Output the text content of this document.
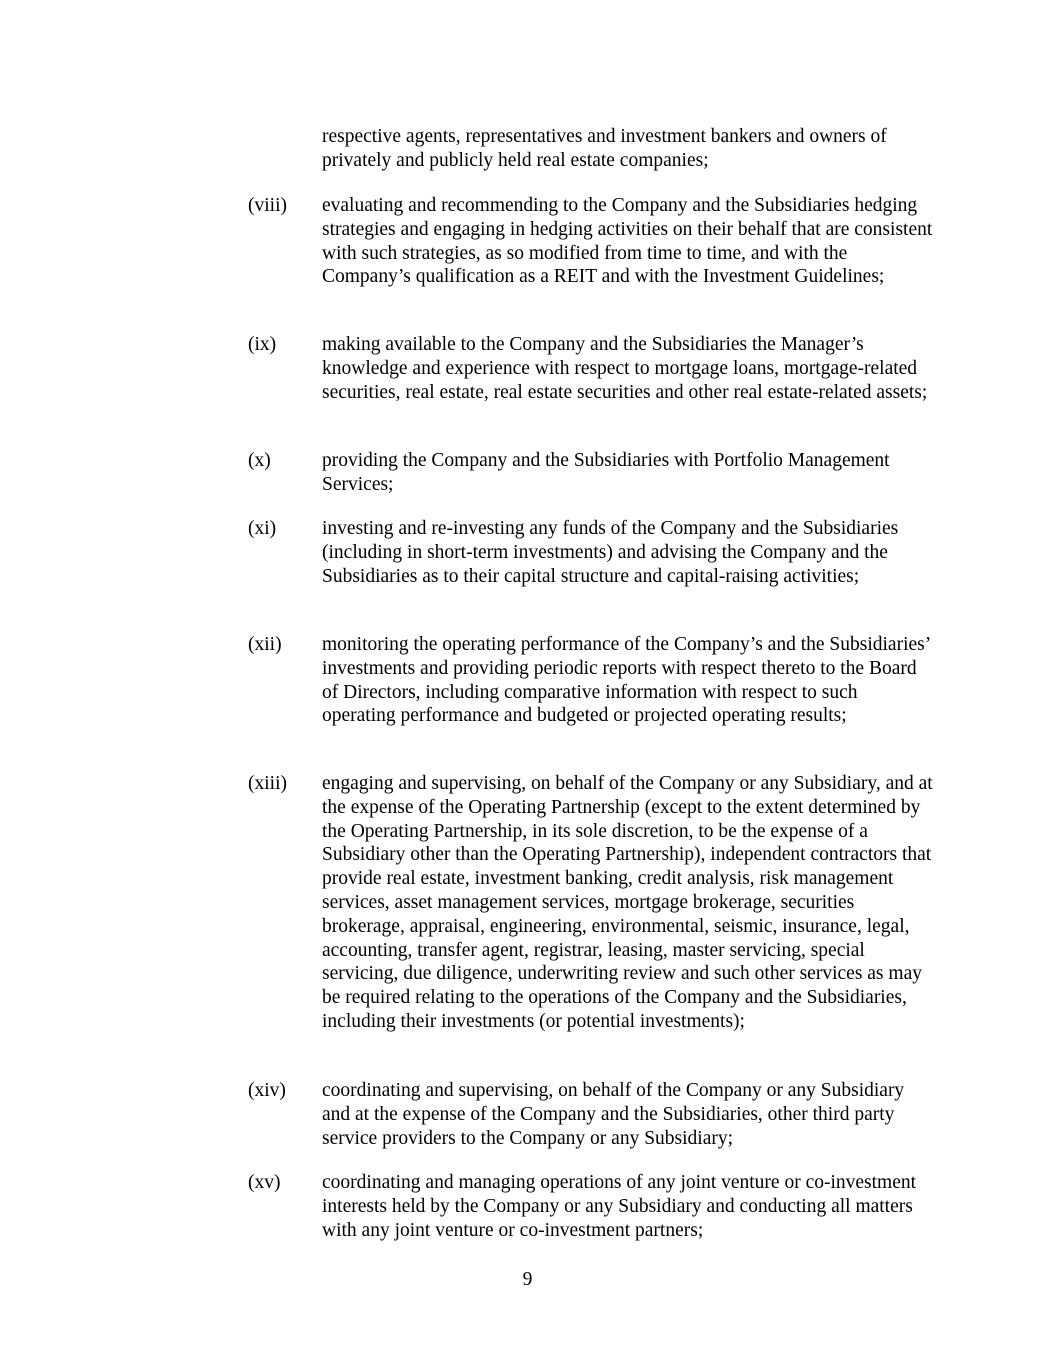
respective agents, representatives and investment bankers and owners of privately and publicly held real estate companies;

(viii)	evaluating and recommending to the Company and the Subsidiaries hedging strategies and engaging in hedging activities on their behalf that are consistent with such strategies, as so modified from time to time, and with the Company’s qualification as a REIT and with the Investment Guidelines;

(ix)	making available to the Company and the Subsidiaries the Manager’s knowledge and experience with respect to mortgage loans, mortgage-related securities, real estate, real estate securities and other real estate-related assets;

(x)	providing the Company and the Subsidiaries with Portfolio Management Services;

(xi)	investing and re-investing any funds of the Company and the Subsidiaries (including in short-term investments) and advising the Company and the Subsidiaries as to their capital structure and capital-raising activities;

(xii)	monitoring the operating performance of the Company’s and the Subsidiaries’ investments and providing periodic reports with respect thereto to the Board of Directors, including comparative information with respect to such operating performance and budgeted or projected operating results;

(xiii)	engaging and supervising, on behalf of the Company or any Subsidiary, and at the expense of the Operating Partnership (except to the extent determined by the Operating Partnership, in its sole discretion, to be the expense of a Subsidiary other than the Operating Partnership), independent contractors that provide real estate, investment banking, credit analysis, risk management services, asset management services, mortgage brokerage, securities brokerage, appraisal, engineering, environmental, seismic, insurance, legal, accounting, transfer agent, registrar, leasing, master servicing, special servicing, due diligence, underwriting review and such other services as may be required relating to the operations of the Company and the Subsidiaries, including their investments (or potential investments);

(xiv)	coordinating and supervising, on behalf of the Company or any Subsidiary and at the expense of the Company and the Subsidiaries, other third party service providers to the Company or any Subsidiary;

(xv)	coordinating and managing operations of any joint venture or co-investment interests held by the Company or any Subsidiary and conducting all matters with any joint venture or co-investment partners;

9
